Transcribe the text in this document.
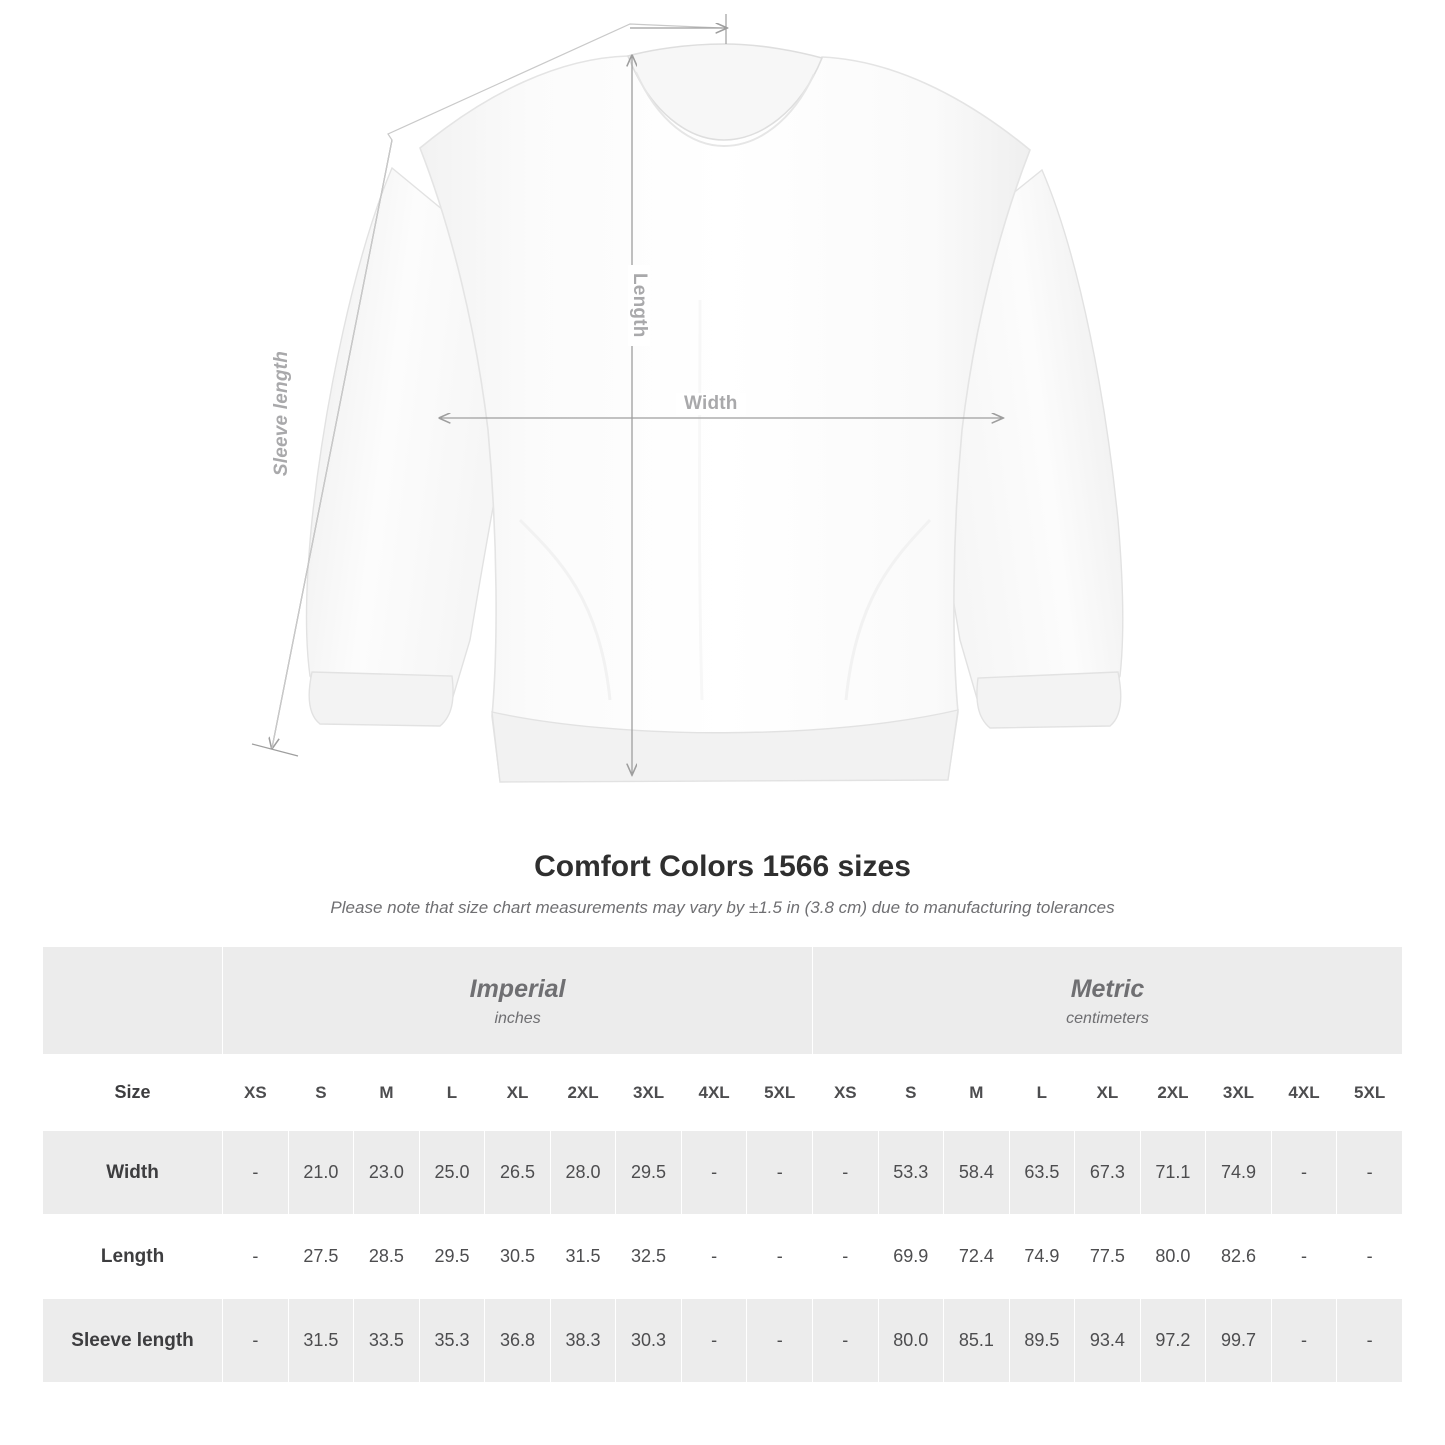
Width
Length
Sleeve length
Comfort Colors 1566 sizes

Please note that size chart measurements may vary by ±1.5 in (3.8 cm) due to manufacturing tolerances

Imperial
inches

Metric
centimeters

Size	XS	S	M	L	XL	2XL	3XL	4XL	5XL	XS	S	M	L	XL	2XL	3XL	4XL	5XL
Width	-	21.0	23.0	25.0	26.5	28.0	29.5	-	-	-	53.3	58.4	63.5	67.3	71.1	74.9	-	-
Length	-	27.5	28.5	29.5	30.5	31.5	32.5	-	-	-	69.9	72.4	74.9	77.5	80.0	82.6	-	-
Sleeve length	-	31.5	33.5	35.3	36.8	38.3	30.3	-	-	-	80.0	85.1	89.5	93.4	97.2	99.7	-	-
